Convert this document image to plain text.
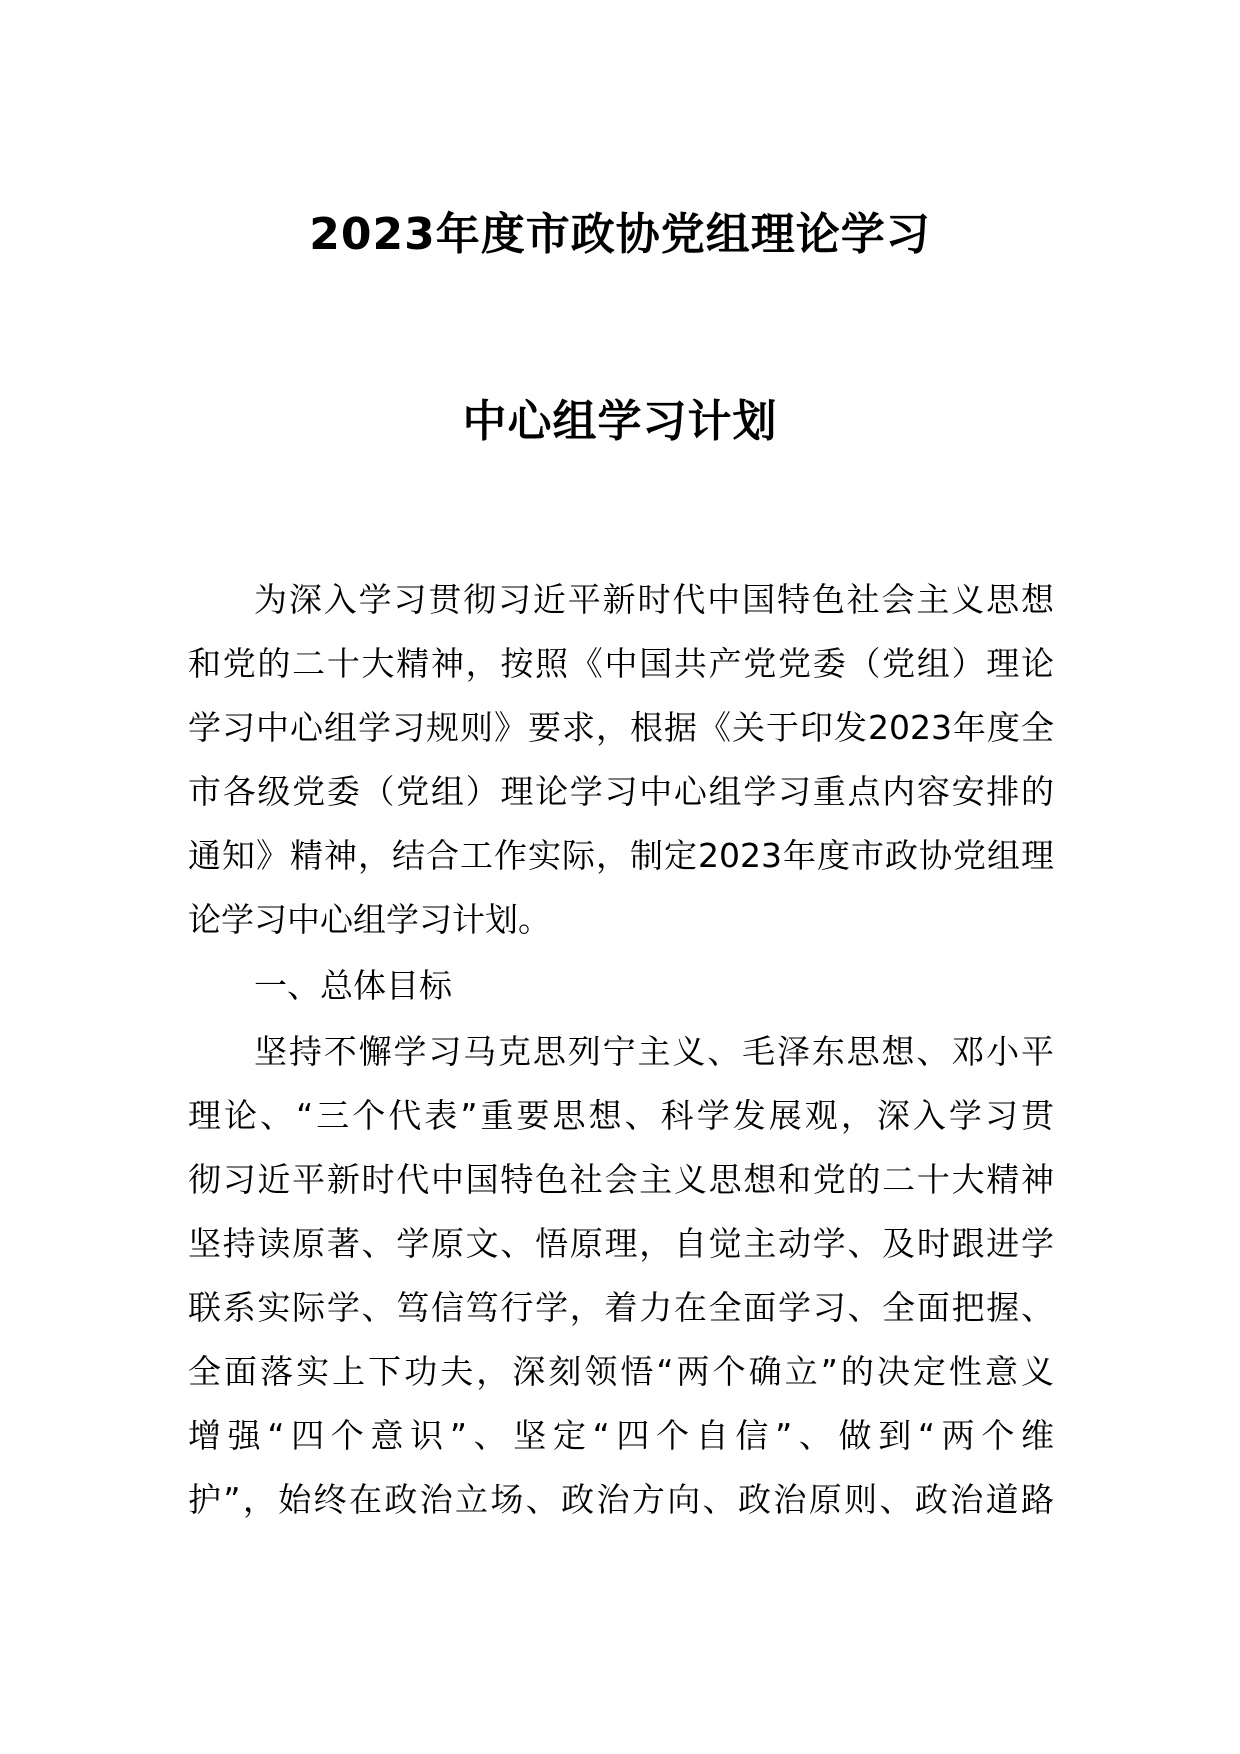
2023年度市政协党组理论学习
中心组学习计划
为深入学习贯彻习近平新时代中国特色社会主义思想
和党的二十大精神，按照《中国共产党党委（党组）理论
学习中心组学习规则》要求，根据《关于印发2023年度全
市各级党委（党组）理论学习中心组学习重点内容安排的
通知》精神，结合工作实际，制定2023年度市政协党组理
论学习中心组学习计划。
一、总体目标
坚持不懈学习马克思列宁主义、毛泽东思想、邓小平
理论、“三个代表”重要思想、科学发展观，深入学习贯
彻习近平新时代中国特色社会主义思想和党的二十大精神
坚持读原著、学原文、悟原理，自觉主动学、及时跟进学
联系实际学、笃信笃行学，着力在全面学习、全面把握、
全面落实上下功夫，深刻领悟“两个确立”的决定性意义
增强“四个意识”、坚定“四个自信”、做到“两个维
护”，始终在政治立场、政治方向、政治原则、政治道路
